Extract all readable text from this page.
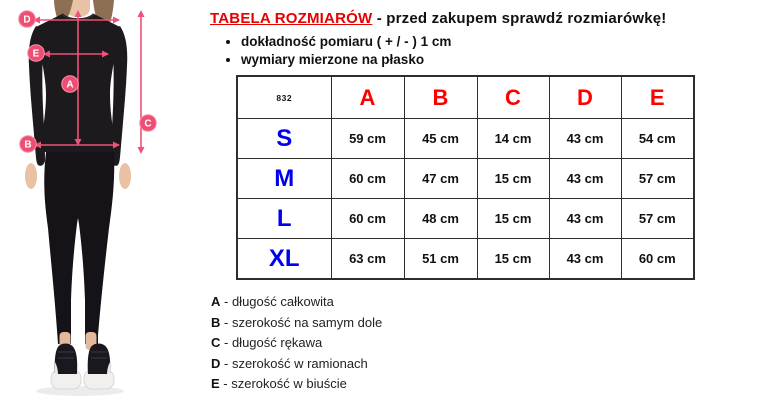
D
E
A
B
C
TABELA ROZMIARÓW - przed zakupem sprawdź rozmiarówkę!
• dokładność pomiaru ( + / - ) 1 cm
• wymiary mierzone na płasko
832	A	B	C	D	E
S	59 cm	45 cm	14 cm	43 cm	54 cm
M	60 cm	47 cm	15 cm	43 cm	57 cm
L	60 cm	48 cm	15 cm	43 cm	57 cm
XL	63 cm	51 cm	15 cm	43 cm	60 cm
A - długość całkowita
B - szerokość na samym dole
C - długość rękawa
D - szerokość w ramionach
E - szerokość w biuście
